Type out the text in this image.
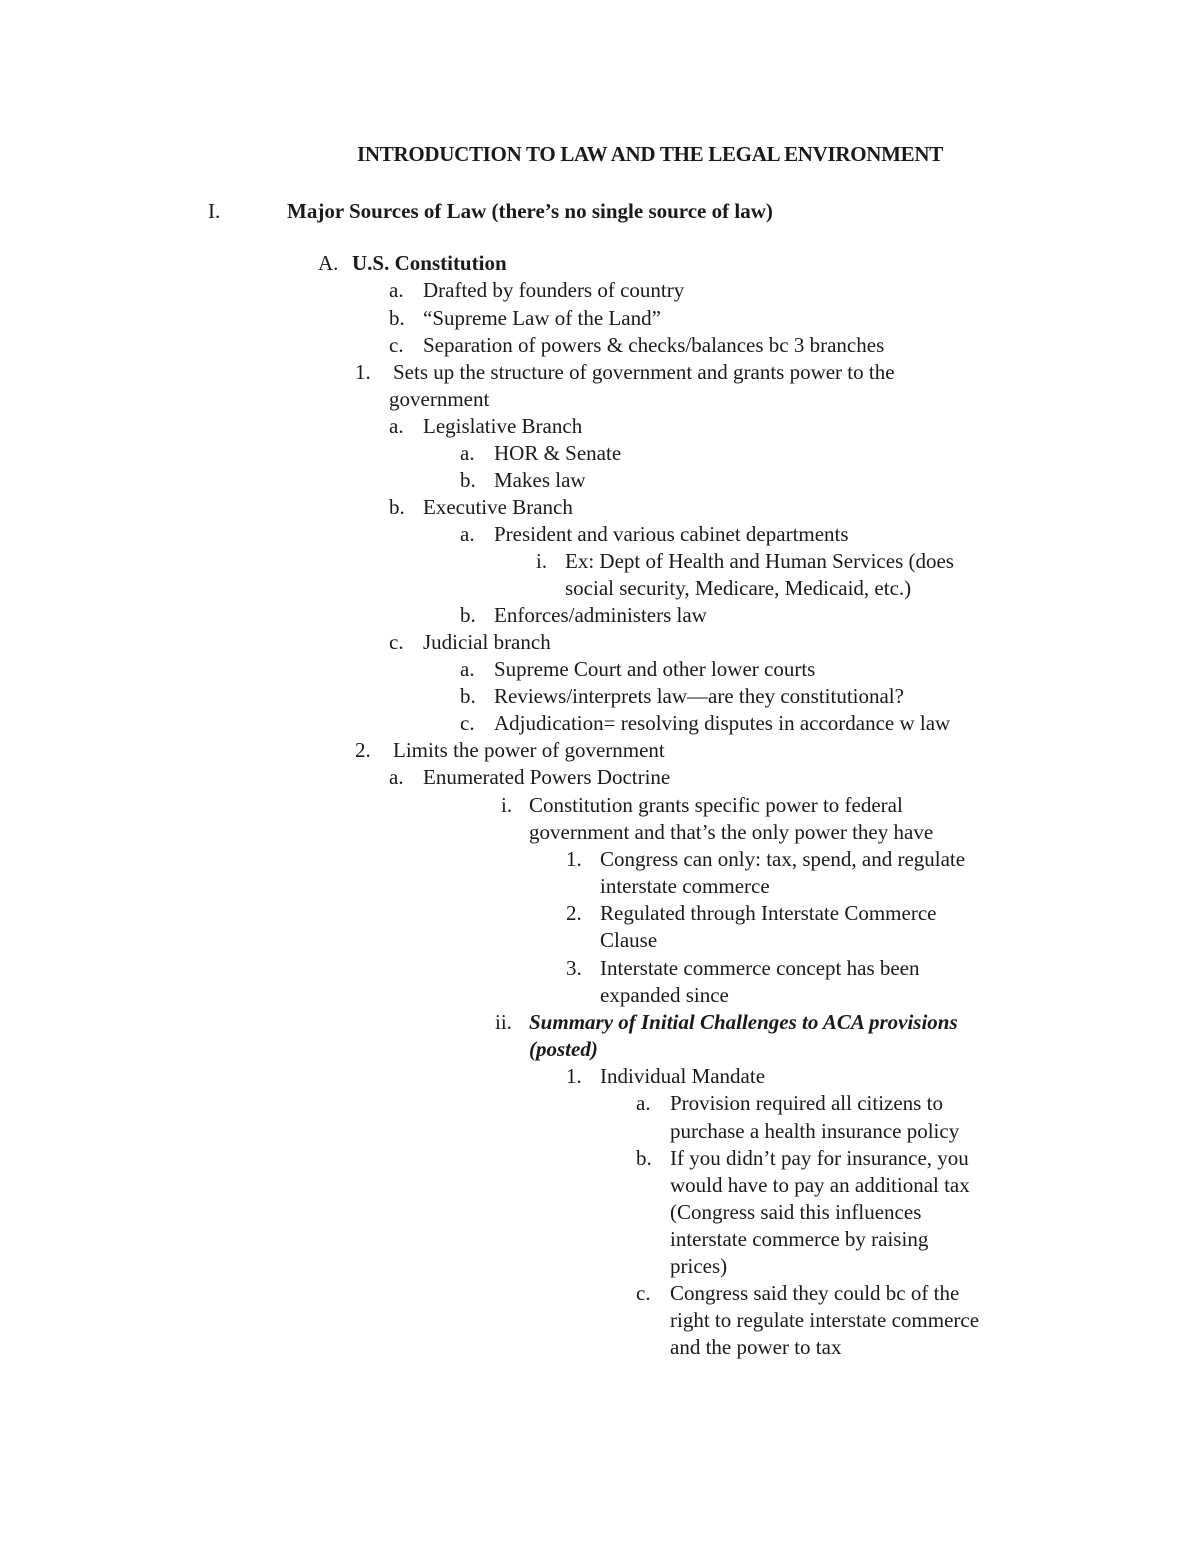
INTRODUCTION TO LAW AND THE LEGAL ENVIRONMENT
I.	Major Sources of Law (there’s no single source of law)
A. U.S. Constitution
a. Drafted by founders of country
b. “Supreme Law of the Land”
c. Separation of powers & checks/balances bc 3 branches
1. Sets up the structure of government and grants power to the
government
a. Legislative Branch
a. HOR & Senate
b. Makes law
b. Executive Branch
a. President and various cabinet departments
i. Ex: Dept of Health and Human Services (does
social security, Medicare, Medicaid, etc.)
b. Enforces/administers law
c. Judicial branch
a. Supreme Court and other lower courts
b. Reviews/interprets law—are they constitutional?
c. Adjudication= resolving disputes in accordance w law
2. Limits the power of government
a. Enumerated Powers Doctrine
i. Constitution grants specific power to federal
government and that’s the only power they have
1. Congress can only: tax, spend, and regulate
interstate commerce
2. Regulated through Interstate Commerce
Clause
3. Interstate commerce concept has been
expanded since
ii. Summary of Initial Challenges to ACA provisions
(posted)
1. Individual Mandate
a. Provision required all citizens to
purchase a health insurance policy
b. If you didn’t pay for insurance, you
would have to pay an additional tax
(Congress said this influences
interstate commerce by raising
prices)
c. Congress said they could bc of the
right to regulate interstate commerce
and the power to tax
